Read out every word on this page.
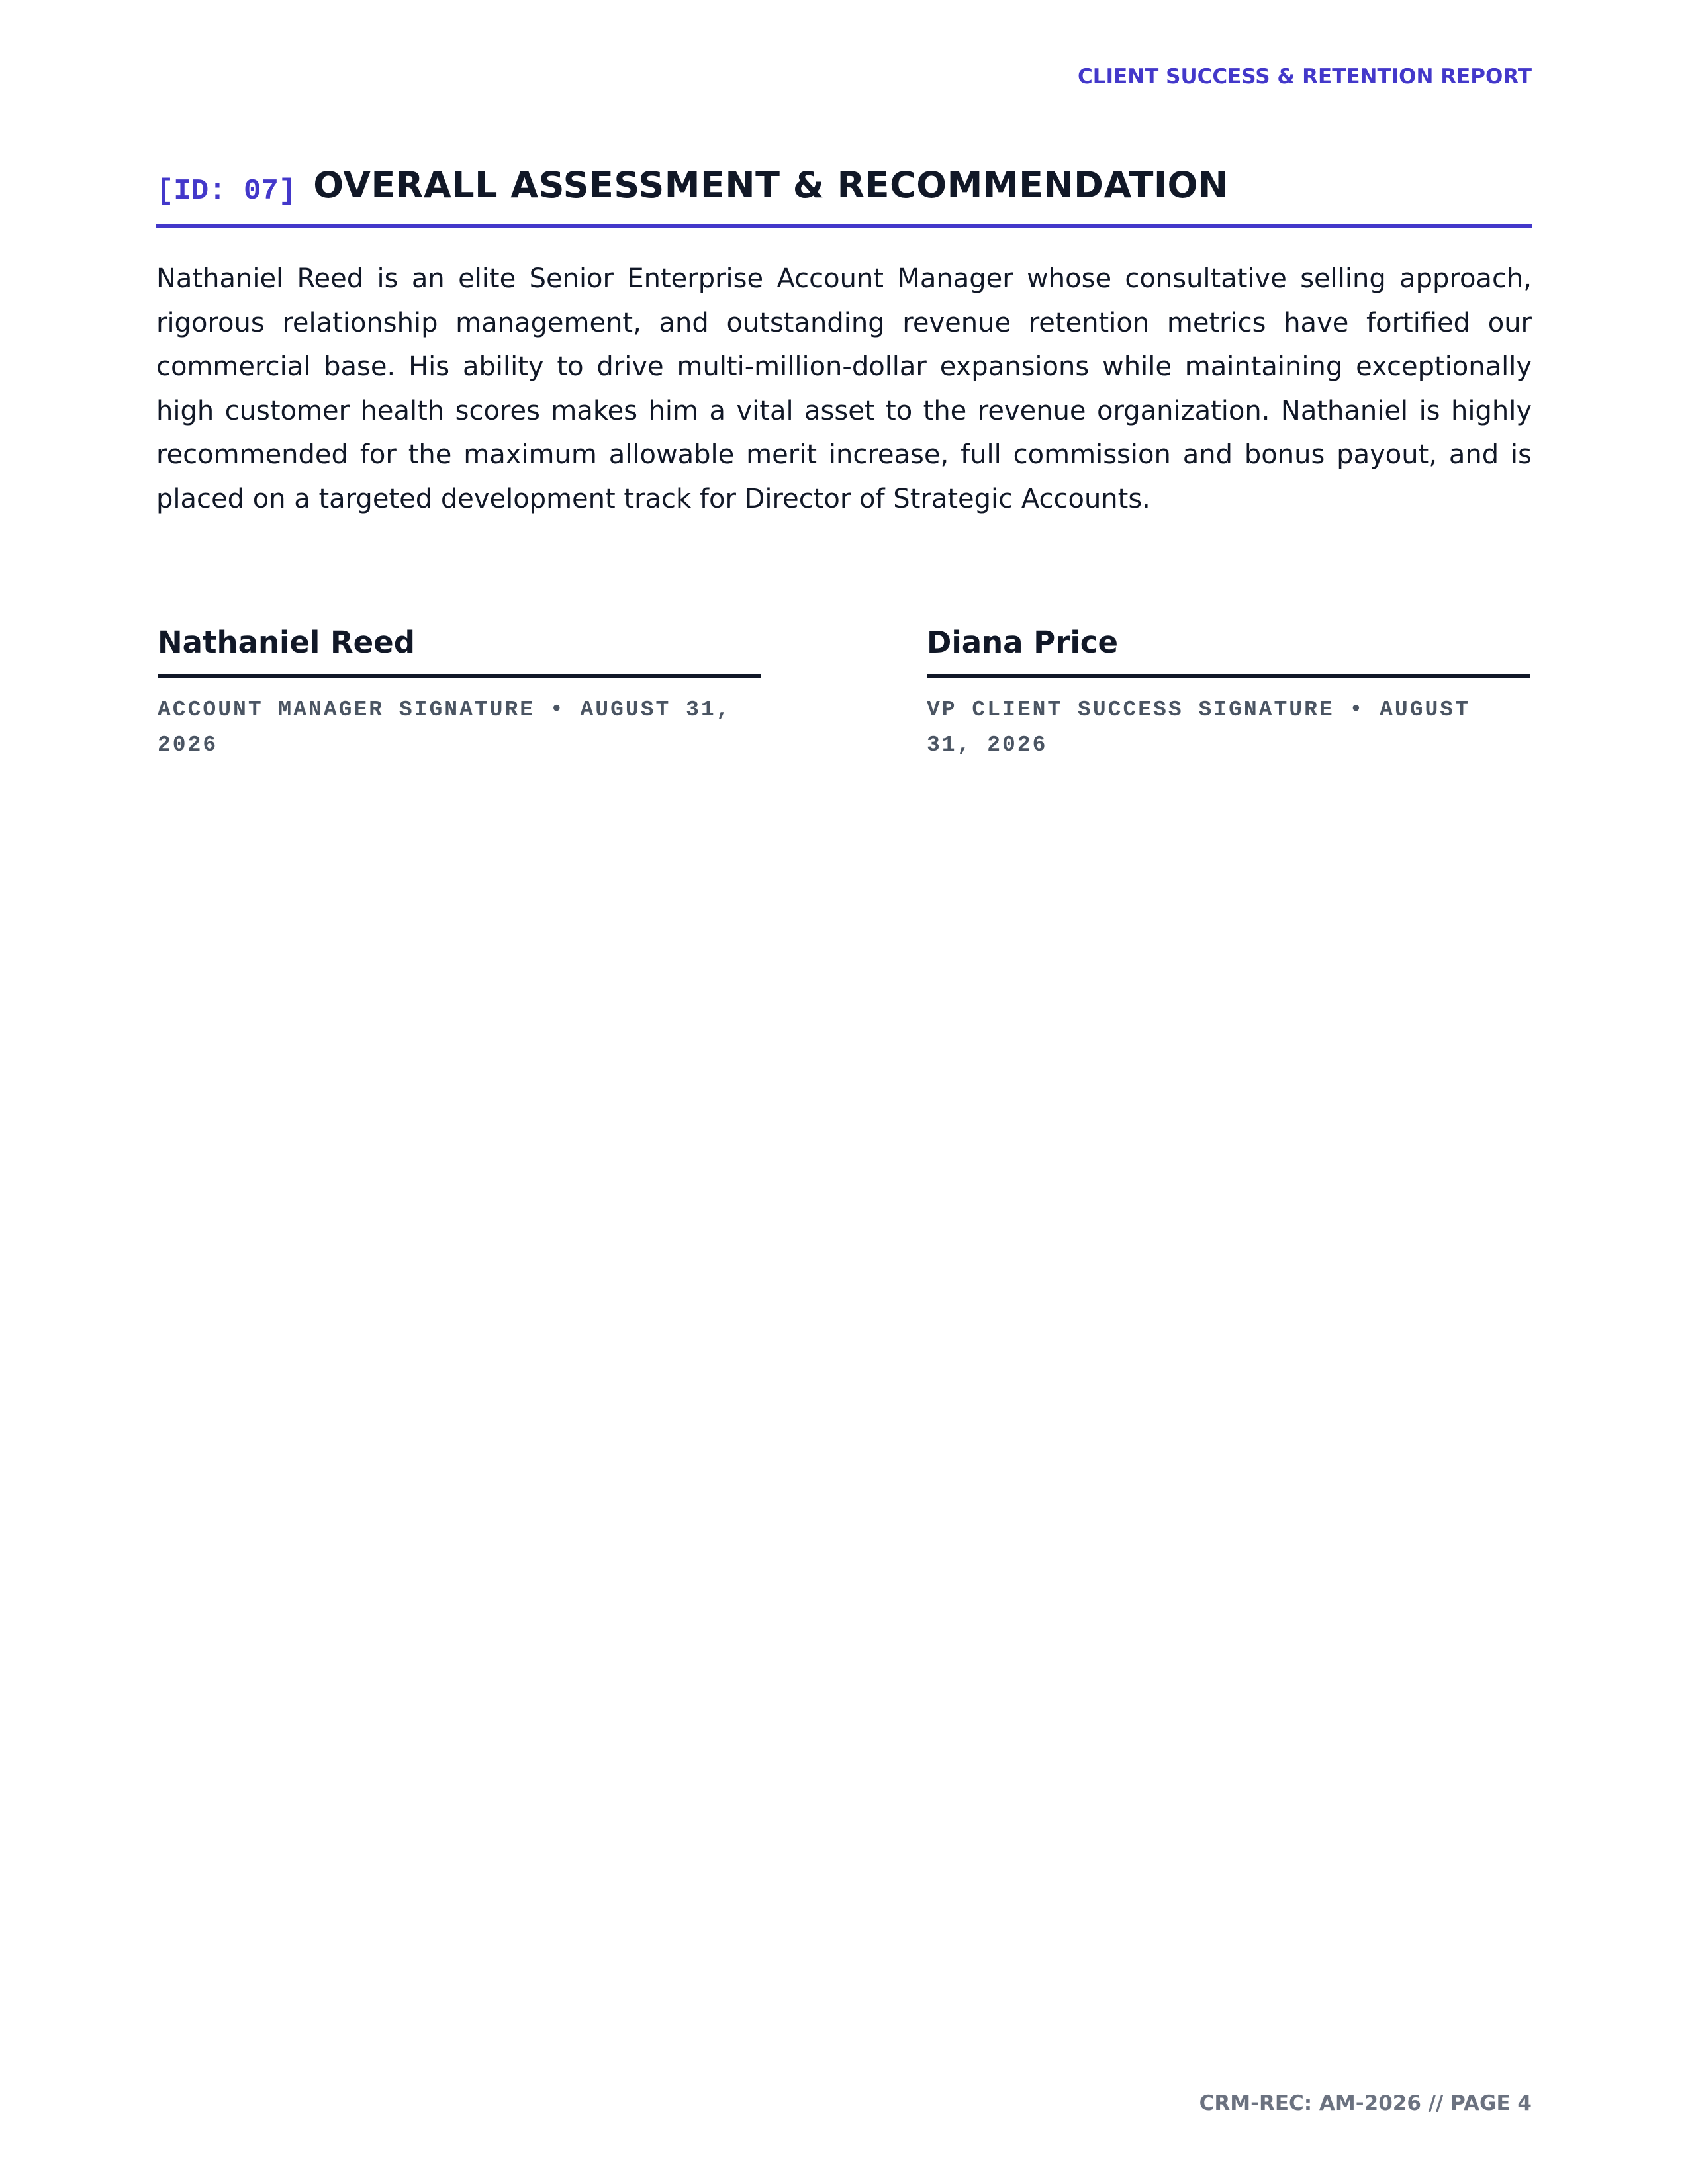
CLIENT SUCCESS & RETENTION REPORT
[ID: 07] OVERALL ASSESSMENT & RECOMMENDATION

Nathaniel Reed is an elite Senior Enterprise Account Manager whose consultative selling approach, rigorous relationship management, and outstanding revenue retention metrics have fortified our commercial base. His ability to drive multi-million-dollar expansions while maintaining exceptionally high customer health scores makes him a vital asset to the revenue organization. Nathaniel is highly recommended for the maximum allowable merit increase, full commission and bonus payout, and is placed on a targeted development track for Director of Strategic Accounts.

Nathaniel Reed
ACCOUNT MANAGER SIGNATURE • AUGUST 31, 2026
Diana Price
VP CLIENT SUCCESS SIGNATURE • AUGUST 31, 2026
CRM-REC: AM-2026 // PAGE 4
